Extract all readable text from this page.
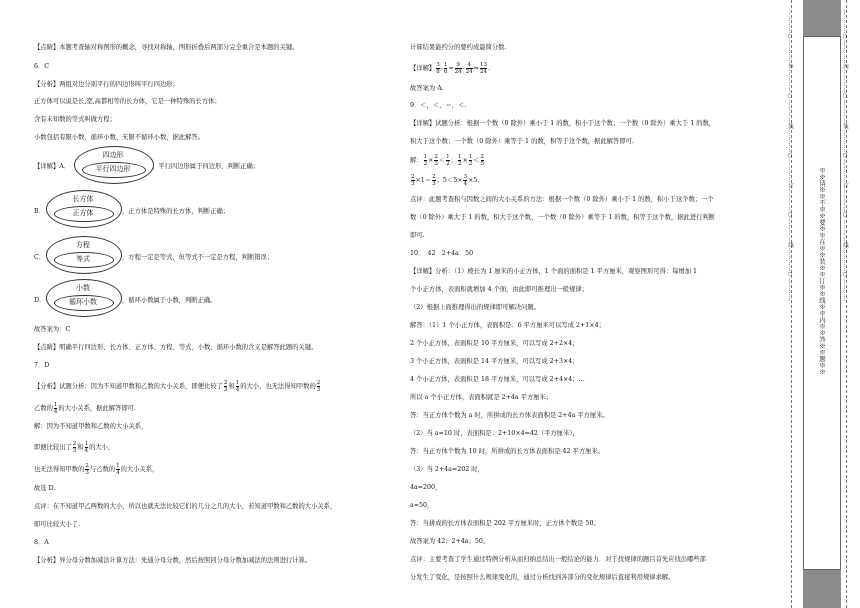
【点睛】本题考查轴对称图形的概念，寻找对称轴，图形折叠后两部分完全重合是本题的关键。
6．C
【分析】两组对边分别平行的四边形叫平行四边形；
正方体可以说是长,宽,高都相等的长方体，它是一种特殊的长方体；
含有未知数的等式叫做方程；
小数包括有限小数、循环小数、无限不循环小数，据此解答。
【详解】A．
四边形
平行四边形	，平行四边形属于四边形，判断正确；
B．
长方体
正方体	，正方体是特殊的长方体，判断正确；
C．
方程
等式	，方程一定是等式，但等式不一定是方程，判断错误；
D．
小数
循环小数	，循环小数属于小数，判断正确。
故答案为：C
【点睛】明确平行四边形、长方体、正方体、方程、等式、小数、循环小数的含义是解答此题的关键。
7．D
【分析】试题分析：因为不知道甲数和乙数的大小关系，即便比较了 $\frac{2}{3}$ 和 $\frac{1}{4}$ 的大小，也无法得知甲数的 $\frac{2}{3}$
乙数的 $\frac{1}{4}$ 的大小关系，据此解答即可.
解：因为不知道甲数和乙数的大小关系，
即便比较出了 $\frac{2}{3}$ 和 $\frac{1}{4}$ 的大小，
也无法得知甲数的 $\frac{2}{3}$ 与乙数的 $\frac{1}{4}$ 的大小关系，
故选 D.
点评：在不知道甲乙两数的大小，所以也就无法比较它们的几分之几的大小，若知道甲数和乙数的大小关系，
即可比较大小了.
8．A
【分析】异分母分数加减法计算方法：先通分母分数，然后按照同分母分数加减法的法则进行计算。
计算结果能约分的要约成最简分数.
【详解】 $\frac{3}{8} - \frac{1}{6} = \frac{9}{24} - \frac{4}{24} = \frac{13}{24}$ .
故答案为 A.
9．＜，＜，＝，＜.
【详解】试题分析：根据一个数（0 除外）乘小于 1 的数，积小于这个数；一个数（0 除外）乘大于 1 的数，
积大于这个数；一个数（0 除外）乘等于 1 的数，积等于这个数，据此解答即可.
解： $\frac{1}{2} \times \frac{2}{3} < \frac{1}{2}$ ； $\frac{1}{2} \times \frac{1}{2} < \frac{2}{5}$
$\frac{2}{3} \times 1= \frac{2}{3}$ ；$5<5\times \frac{3}{4} \times 5$.
点评：此题考查积与因数之间的大小关系的方法：根据一个数（0 除外）乘小于 1 的数，积小于这个数；一个
数（0 除外）乘大于 1 的数，积大于这个数，一个数（0 除外）乘等于 1 的数，积等于这个数，据此进行判断
即可.
10．　42　2+4a　50
【详解】分析：（1）棱长为 1 厘米的小正方体，1 个面的面积是 1 平方厘米，观察图形可得：每增加 1
个小正方体，表面积就增加 4 个面，由此即可推理出一般规律；
（2）根据上面推理得出的规律即可解决问题。
解答：（1）1 个小正方体，表面积是：6 平方厘米可以写成 2+1×4；
2 个小正方体，表面积是 10 平方厘米，可以写成 2+2×4；
3 个小正方体，表面积是 14 平方厘米，可以写成 2+3×4；
4 个小正方体，表面积是 18 平方厘米，可以写成 2+4×4；…
所以 a 个小正方体，表面积就是 2+4a 平方厘米；
答：当正方体个数为 a 时，所拼成的长方体表面积是 2+4a 平方厘米。
（2）当 a=10 时，表面积是：2+10×4=42（平方厘米），
答：当正方体个数为 10 时，所拼成的长方体表面积是 42 平方厘米。
（3）当 2+4a=202 时，
4a=200，
a=50，
答：当拼成的长方体表面积是 202 平方厘米时，正方体个数是 50。
故答案为 42；2+4a；50。
点评：主要考查了学生通过特例分析从而归纳总结出一般结论的能力．对于找规律的题目首先应找出哪些部
分发生了变化，是按照什么规律变化的，通过分析找到各部分的变化规律后直接利用规律求解。
…………○…………外…………○…………装…………○…………订…………○…………线…………○…………	…………○…………内…………○…………装…………○…………订…………○…………线…………○…………
※※请※※不※※要※※在※※装※※订※※线※※内※※答※※题※※
